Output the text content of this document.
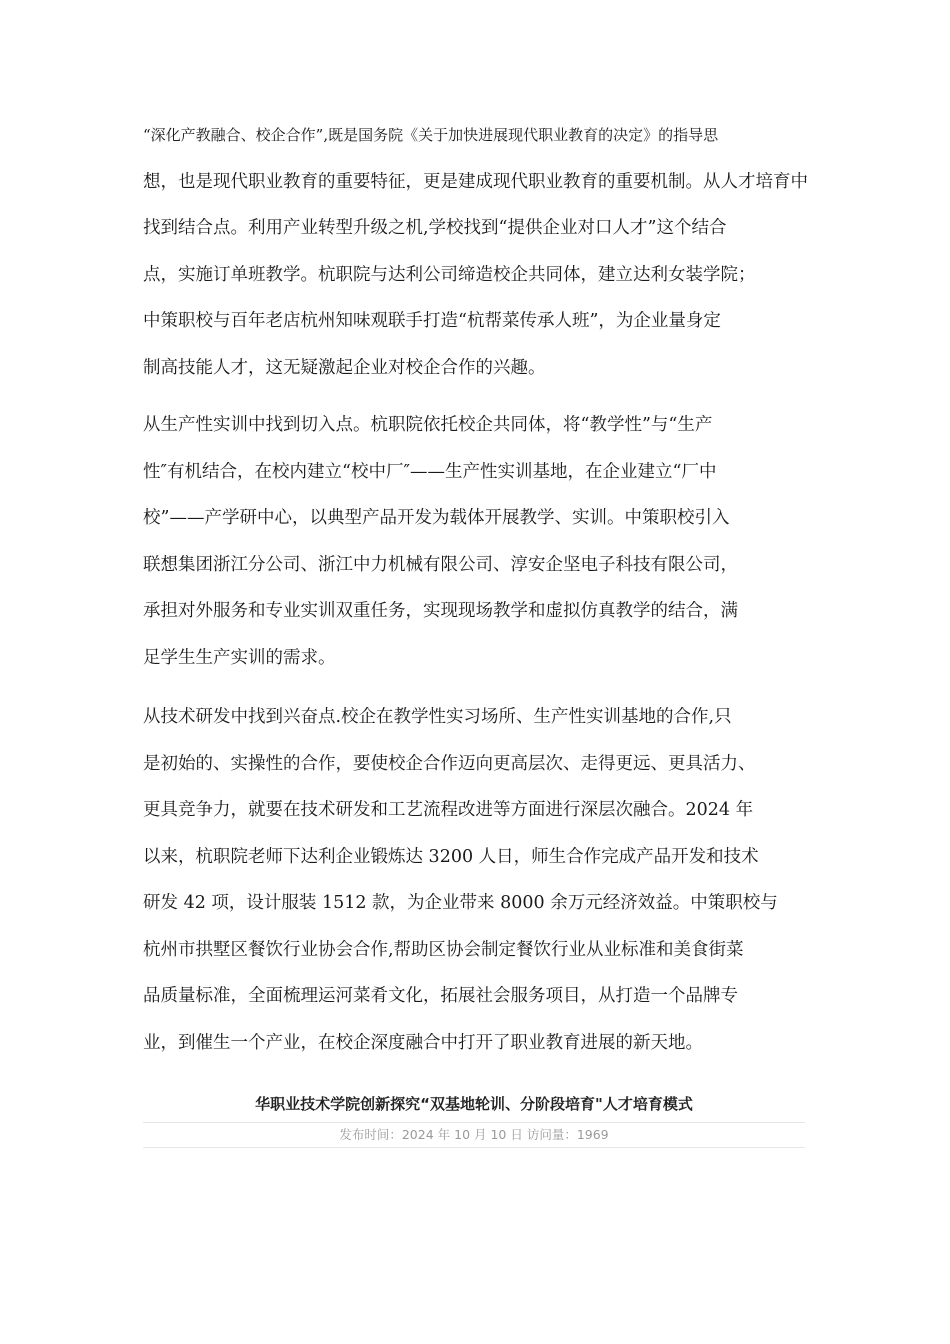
“深化产教融合、校企合作”,既是国务院《关于加快进展现代职业教育的决定》的指导思
想，也是现代职业教育的重要特征，更是建成现代职业教育的重要机制。从人才培育中
找到结合点。利用产业转型升级之机,学校找到“提供企业对口人才”这个结合
点，实施订单班教学。杭职院与达利公司缔造校企共同体，建立达利女装学院；
中策职校与百年老店杭州知味观联手打造“杭帮菜传承人班”，为企业量身定
制高技能人才，这无疑激起企业对校企合作的兴趣。

从生产性实训中找到切入点。杭职院依托校企共同体，将“教学性”与“生产
性″有机结合，在校内建立“校中厂″——生产性实训基地，在企业建立“厂中
校”——产学研中心，以典型产品开发为载体开展教学、实训。中策职校引入
联想集团浙江分公司、浙江中力机械有限公司、淳安企坚电子科技有限公司，
承担对外服务和专业实训双重任务，实现现场教学和虚拟仿真教学的结合，满
足学生生产实训的需求。

从技术研发中找到兴奋点.校企在教学性实习场所、生产性实训基地的合作,只
是初始的、实操性的合作，要使校企合作迈向更高层次、走得更远、更具活力、
更具竞争力，就要在技术研发和工艺流程改进等方面进行深层次融合。2024 年
以来，杭职院老师下达利企业锻炼达 3200 人日，师生合作完成产品开发和技术
研发 42 项，设计服装 1512 款，为企业带来 8000 余万元经济效益。中策职校与
杭州市拱墅区餐饮行业协会合作,帮助区协会制定餐饮行业从业标准和美食街菜
品质量标准，全面梳理运河菜肴文化，拓展社会服务项目，从打造一个品牌专
业，到催生一个产业，在校企深度融合中打开了职业教育进展的新天地。

华职业技术学院创新探究“双基地轮训、分阶段培育"人才培育模式
发布时间：2024 年 10 月 10 日 访问量：1969
